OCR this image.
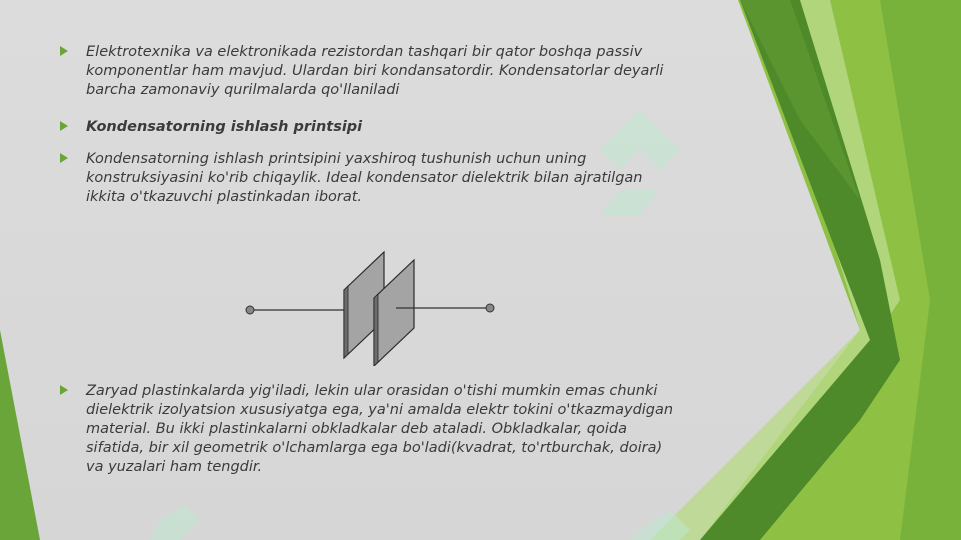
Elektrotexnika va elektronikada rezistordan tashqari bir qator boshqa passiv
komponentlar ham mavjud. Ulardan biri kondansatordir. Kondensatorlar deyarli
barcha zamonaviy qurilmalarda qo'llaniladi
Kondensatorning ishlash printsipi
Kondensatorning ishlash printsipini yaxshiroq tushunish uchun uning
konstruksiyasini ko'rib chiqaylik. Ideal kondensator dielektrik bilan ajratilgan
ikkita o'tkazuvchi plastinkadan iborat.
Zaryad plastinkalarda yig'iladi, lekin ular orasidan o'tishi mumkin emas chunki
dielektrik izolyatsion xususiyatga ega, ya'ni amalda elektr tokini o'tkazmaydigan
material. Bu ikki plastinkalarni obkladkalar deb ataladi. Obkladkalar, qoida
sifatida, bir xil geometrik o'lchamlarga ega bo'ladi(kvadrat, to'rtburchak, doira)
va yuzalari ham tengdir.
